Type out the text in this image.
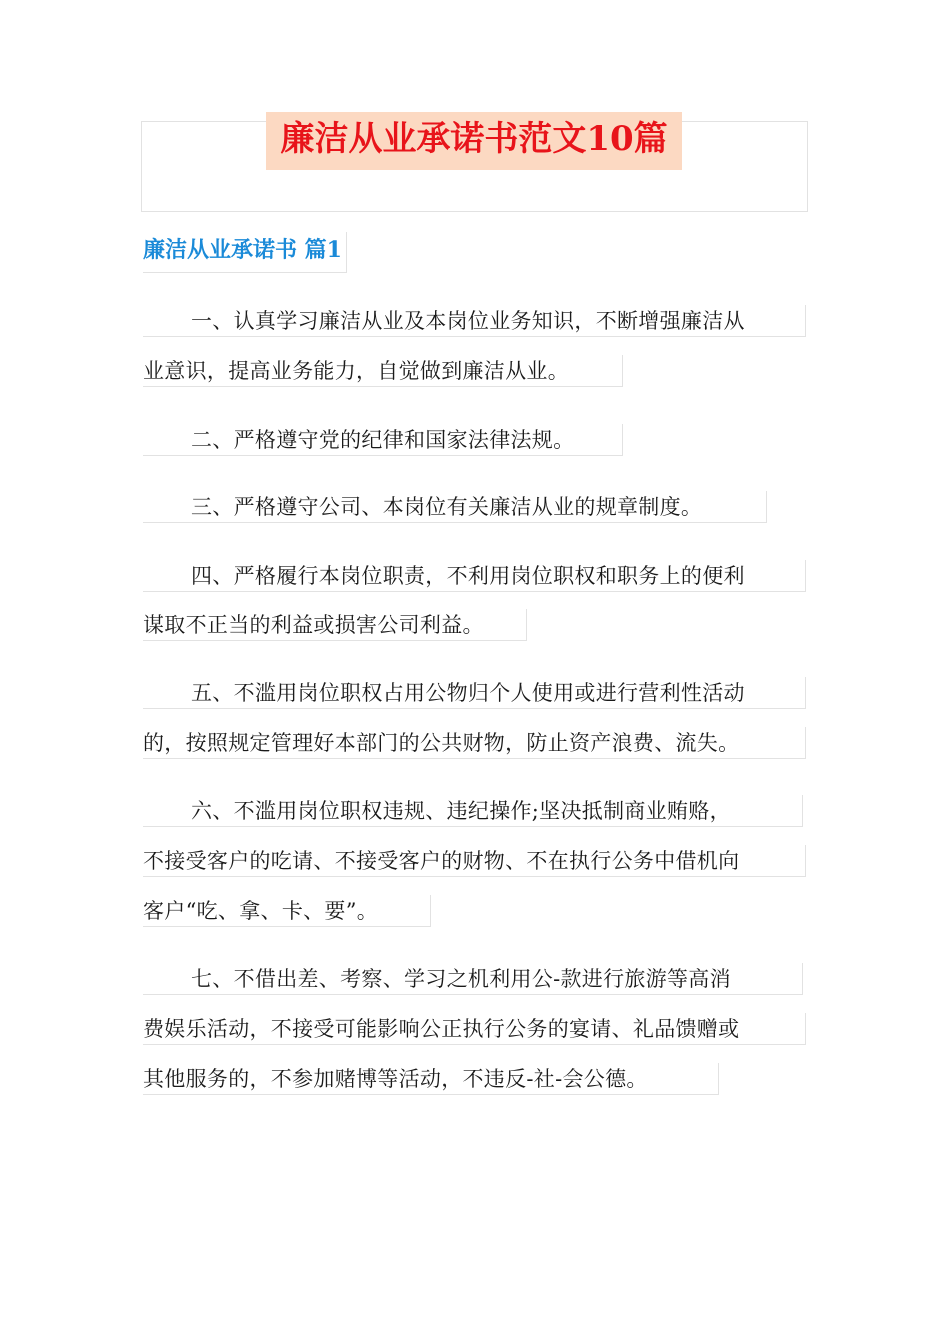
廉洁从业承诺书范文10篇
廉洁从业承诺书 篇1
一、认真学习廉洁从业及本岗位业务知识，不断增强廉洁从
业意识，提高业务能力，自觉做到廉洁从业。
二、严格遵守党的纪律和国家法律法规。
三、严格遵守公司、本岗位有关廉洁从业的规章制度。
四、严格履行本岗位职责，不利用岗位职权和职务上的便利
谋取不正当的利益或损害公司利益。
五、不滥用岗位职权占用公物归个人使用或进行营利性活动
的，按照规定管理好本部门的公共财物，防止资产浪费、流失。
六、不滥用岗位职权违规、违纪操作;坚决抵制商业贿赂，
不接受客户的吃请、不接受客户的财物、不在执行公务中借机向
客户“吃、拿、卡、要”。
七、不借出差、考察、学习之机利用公-款进行旅游等高消
费娱乐活动，不接受可能影响公正执行公务的宴请、礼品馈赠或
其他服务的，不参加赌博等活动，不违反-社-会公德。
